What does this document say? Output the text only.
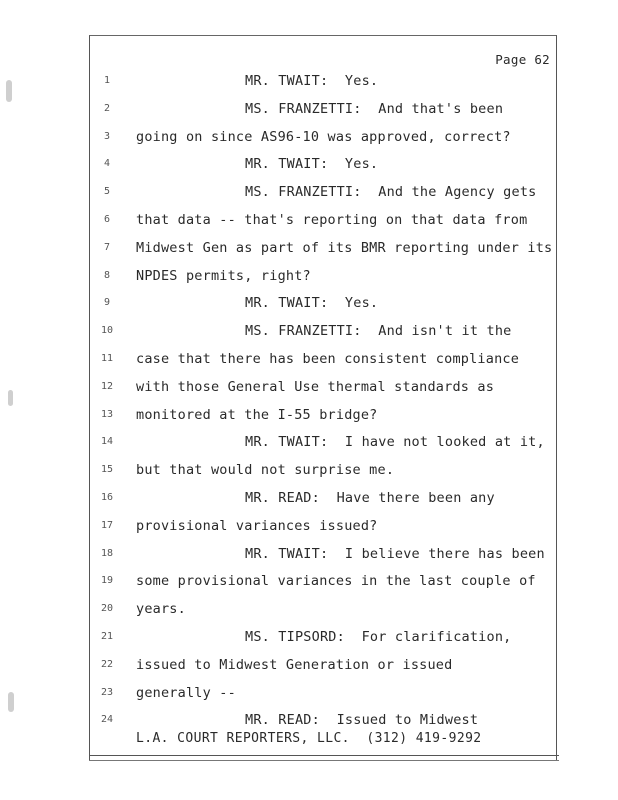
Page 62
1	MR. TWAIT:  Yes.
2	MS. FRANZETTI:  And that's been
3	going on since AS96-10 was approved, correct?
4	MR. TWAIT:  Yes.
5	MS. FRANZETTI:  And the Agency gets
6	that data -- that's reporting on that data from
7	Midwest Gen as part of its BMR reporting under its
8	NPDES permits, right?
9	MR. TWAIT:  Yes.
10	MS. FRANZETTI:  And isn't it the
11	case that there has been consistent compliance
12	with those General Use thermal standards as
13	monitored at the I-55 bridge?
14	MR. TWAIT:  I have not looked at it,
15	but that would not surprise me.
16	MR. READ:  Have there been any
17	provisional variances issued?
18	MR. TWAIT:  I believe there has been
19	some provisional variances in the last couple of
20	years.
21	MS. TIPSORD:  For clarification,
22	issued to Midwest Generation or issued
23	generally --
24	MR. READ:  Issued to Midwest
L.A. COURT REPORTERS, LLC.  (312) 419-9292
